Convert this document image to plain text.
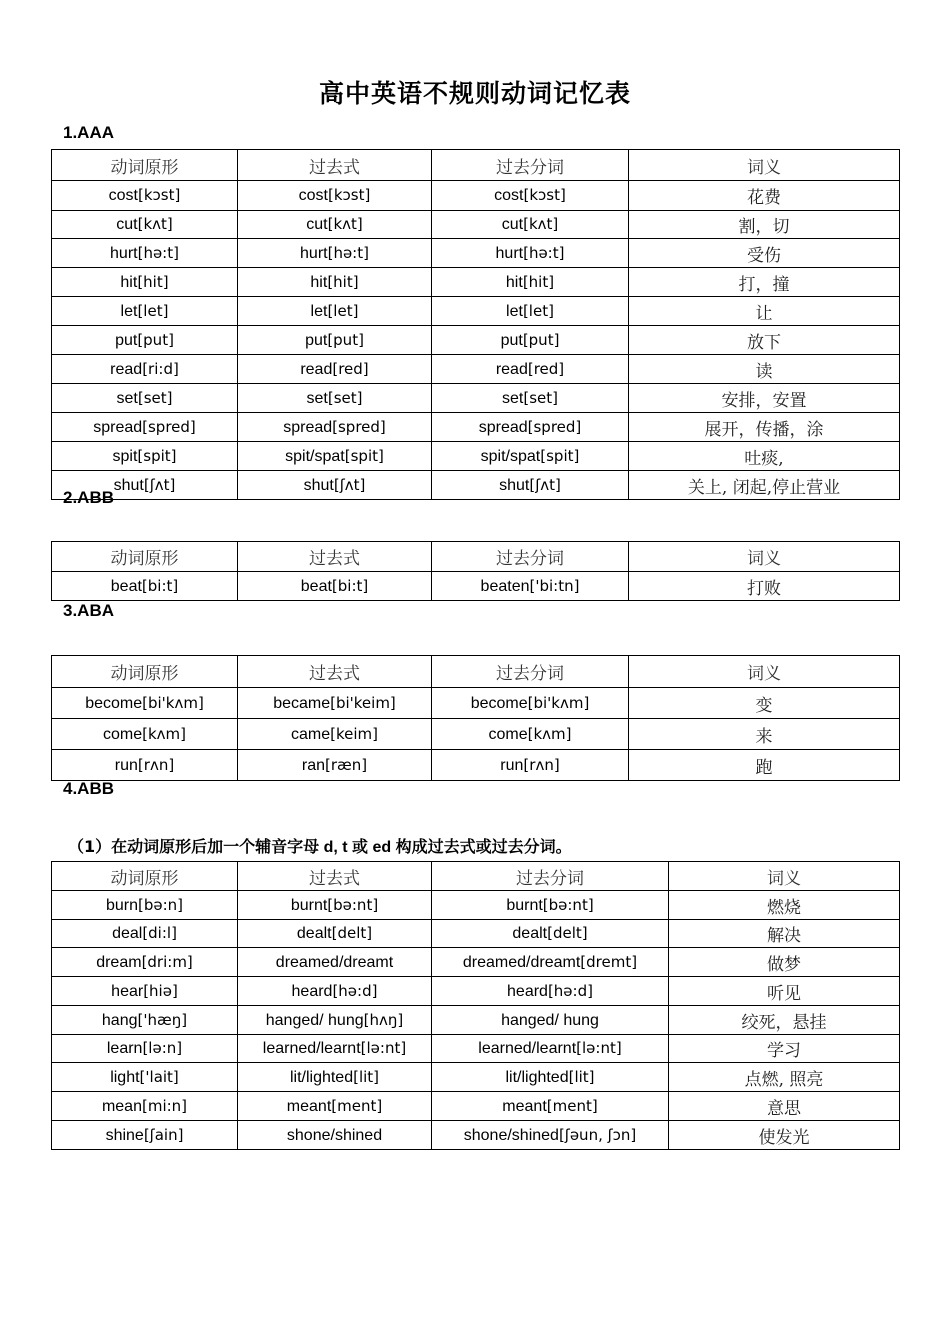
高中英语不规则动词记忆表
1.AAA
动词原形	过去式	过去分词	词义
cost[kɔst]	cost[kɔst]	cost[kɔst]	花费
cut[kʌt]	cut[kʌt]	cut[kʌt]	割，切
hurt[hə:t]	hurt[hə:t]	hurt[hə:t]	受伤
hit[hit]	hit[hit]	hit[hit]	打，撞
let[let]	let[let]	let[let]	让
put[put]	put[put]	put[put]	放下
read[ri:d]	read[red]	read[red]	读
set[set]	set[set]	set[set]	安排，安置
spread[spred]	spread[spred]	spread[spred]	展开，传播，涂
spit[spit]	spit/spat[spit]	spit/spat[spit]	吐痰,
shut[ʃʌt]	shut[ʃʌt]	shut[ʃʌt]	关上, 闭起,停止营业
2.ABB
动词原形	过去式	过去分词	词义
beat[bi:t]	beat[bi:t]	beaten['bi:tn]	打败
3.ABA
动词原形	过去式	过去分词	词义
become[bi'kʌm]	became[bi'keim]	become[bi'kʌm]	变
come[kʌm]	came[keim]	come[kʌm]	来
run[rʌn]	ran[ræn]	run[rʌn]	跑
4.ABB
（1）在动词原形后加一个辅音字母 d, t 或 ed 构成过去式或过去分词。
动词原形	过去式	过去分词	词义
burn[bə:n]	burnt[bə:nt]	burnt[bə:nt]	燃烧
deal[di:l]	dealt[delt]	dealt[delt]	解决
dream[dri:m]	dreamed/dreamt	dreamed/dreamt[dremt]	做梦
hear[hiə]	heard[hə:d]	heard[hə:d]	听见
hang['hæŋ]	hanged/ hung[hʌŋ]	hanged/ hung	绞死，悬挂
learn[lə:n]	learned/learnt[lə:nt]	learned/learnt[lə:nt]	学习
light['lait]	lit/lighted[lit]	lit/lighted[lit]	点燃, 照亮
mean[mi:n]	meant[ment]	meant[ment]	意思
shine[ʃain]	shone/shined	shone/shined[ʃəun, ʃɔn]	使发光
